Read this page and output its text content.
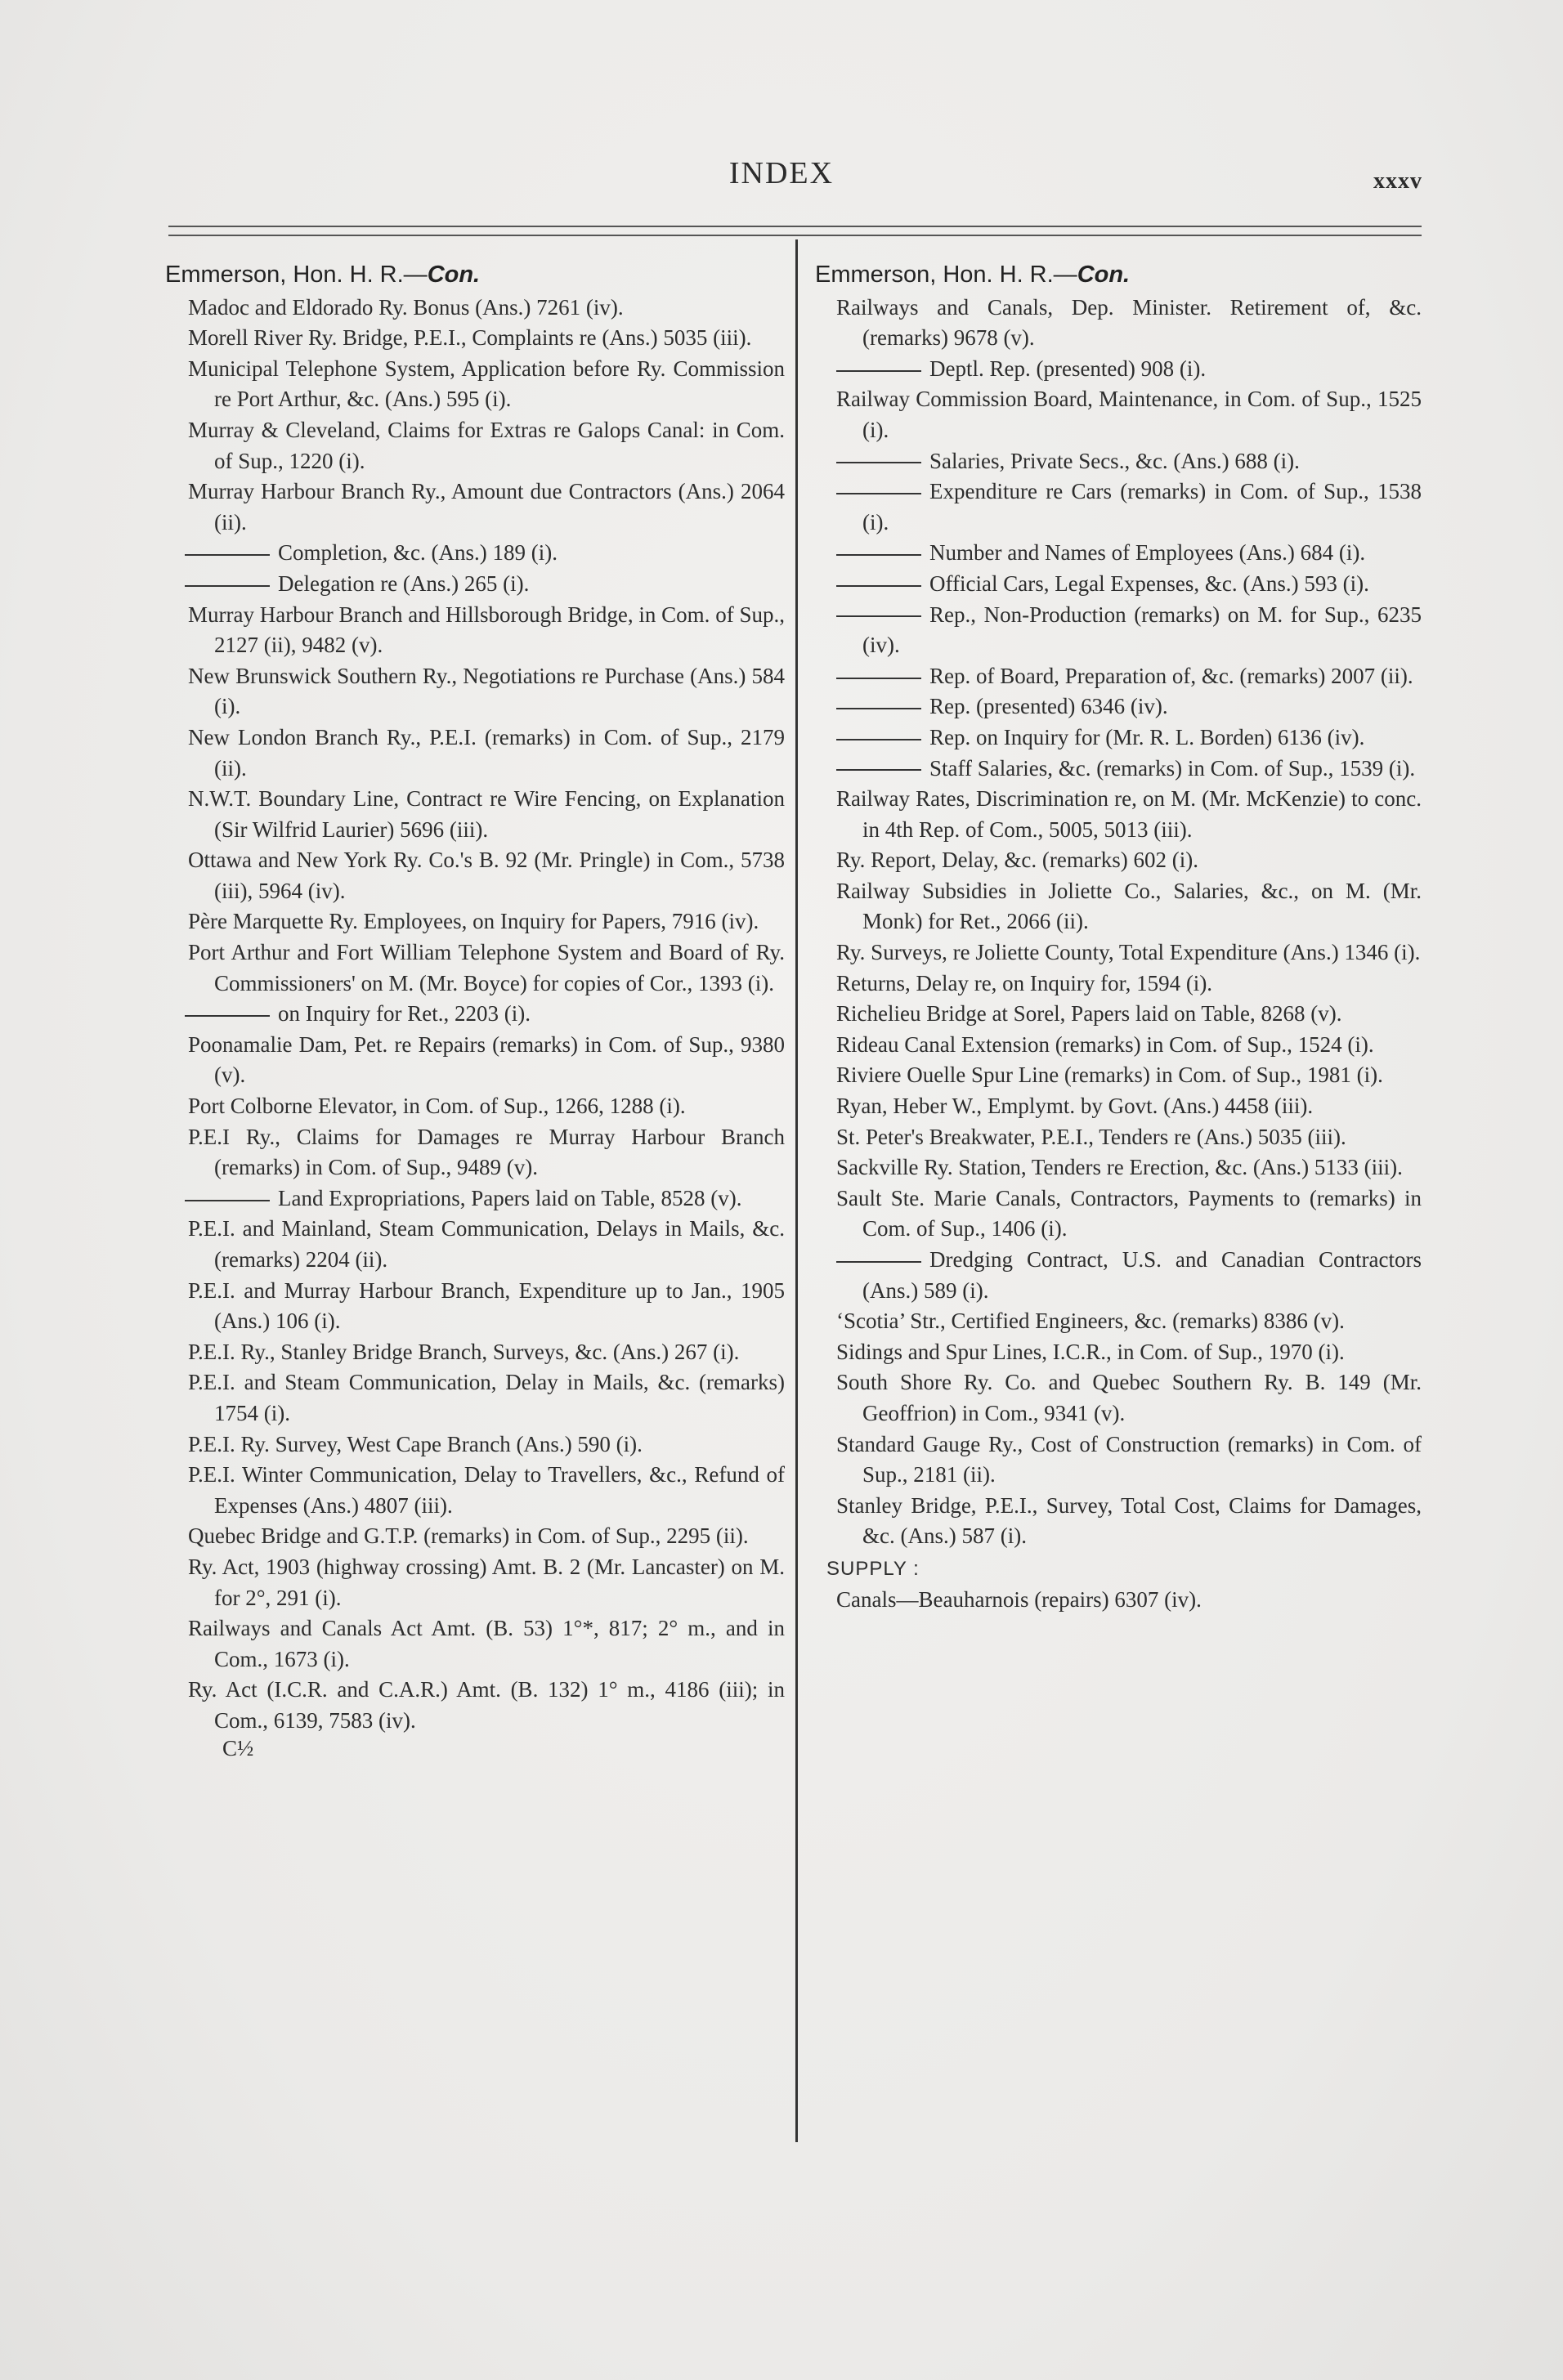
INDEX	xxxv
Emmerson, Hon. H. R.—Con.
Madoc and Eldorado Ry. Bonus (Ans.) 7261 (iv).
Morell River Ry. Bridge, P.E.I., Complaints re (Ans.) 5035 (iii).
Municipal Telephone System, Application before Ry. Commission re Port Arthur, &c. (Ans.) 595 (i).
Murray & Cleveland, Claims for Extras re Galops Canal: in Com. of Sup., 1220 (i).
Murray Harbour Branch Ry., Amount due Contractors (Ans.) 2064 (ii).
Completion, &c. (Ans.) 189 (i).
Delegation re (Ans.) 265 (i).
Murray Harbour Branch and Hillsborough Bridge, in Com. of Sup., 2127 (ii), 9482 (v).
New Brunswick Southern Ry., Negotiations re Purchase (Ans.) 584 (i).
New London Branch Ry., P.E.I. (remarks) in Com. of Sup., 2179 (ii).
N.W.T. Boundary Line, Contract re Wire Fencing, on Explanation (Sir Wilfrid Laurier) 5696 (iii).
Ottawa and New York Ry. Co.'s B. 92 (Mr. Pringle) in Com., 5738 (iii), 5964 (iv).
Père Marquette Ry. Employees, on Inquiry for Papers, 7916 (iv).
Port Arthur and Fort William Telephone System and Board of Ry. Commissioners' on M. (Mr. Boyce) for copies of Cor., 1393 (i).
on Inquiry for Ret., 2203 (i).
Poonamalie Dam, Pet. re Repairs (remarks) in Com. of Sup., 9380 (v).
Port Colborne Elevator, in Com. of Sup., 1266, 1288 (i).
P.E.I Ry., Claims for Damages re Murray Harbour Branch (remarks) in Com. of Sup., 9489 (v).
Land Expropriations, Papers laid on Table, 8528 (v).
P.E.I. and Mainland, Steam Communication, Delays in Mails, &c. (remarks) 2204 (ii).
P.E.I. and Murray Harbour Branch, Expenditure up to Jan., 1905 (Ans.) 106 (i).
P.E.I. Ry., Stanley Bridge Branch, Surveys, &c. (Ans.) 267 (i).
P.E.I. and Steam Communication, Delay in Mails, &c. (remarks) 1754 (i).
P.E.I. Ry. Survey, West Cape Branch (Ans.) 590 (i).
P.E.I. Winter Communication, Delay to Travellers, &c., Refund of Expenses (Ans.) 4807 (iii).
Quebec Bridge and G.T.P. (remarks) in Com. of Sup., 2295 (ii).
Ry. Act, 1903 (highway crossing) Amt. B. 2 (Mr. Lancaster) on M. for 2°, 291 (i).
Railways and Canals Act Amt. (B. 53) 1°*, 817; 2° m., and in Com., 1673 (i).
Ry. Act (I.C.R. and C.A.R.) Amt. (B. 132) 1° m., 4186 (iii); in Com., 6139, 7583 (iv).
C½
Emmerson, Hon. H. R.—Con.
Railways and Canals, Dep. Minister. Retirement of, &c. (remarks) 9678 (v).
Deptl. Rep. (presented) 908 (i).
Railway Commission Board, Maintenance, in Com. of Sup., 1525 (i).
Salaries, Private Secs., &c. (Ans.) 688 (i).
Expenditure re Cars (remarks) in Com. of Sup., 1538 (i).
Number and Names of Employees (Ans.) 684 (i).
Official Cars, Legal Expenses, &c. (Ans.) 593 (i).
Rep., Non-Production (remarks) on M. for Sup., 6235 (iv).
Rep. of Board, Preparation of, &c. (remarks) 2007 (ii).
Rep. (presented) 6346 (iv).
Rep. on Inquiry for (Mr. R. L. Borden) 6136 (iv).
Staff Salaries, &c. (remarks) in Com. of Sup., 1539 (i).
Railway Rates, Discrimination re, on M. (Mr. McKenzie) to conc. in 4th Rep. of Com., 5005, 5013 (iii).
Ry. Report, Delay, &c. (remarks) 602 (i).
Railway Subsidies in Joliette Co., Salaries, &c., on M. (Mr. Monk) for Ret., 2066 (ii).
Ry. Surveys, re Joliette County, Total Expenditure (Ans.) 1346 (i).
Returns, Delay re, on Inquiry for, 1594 (i).
Richelieu Bridge at Sorel, Papers laid on Table, 8268 (v).
Rideau Canal Extension (remarks) in Com. of Sup., 1524 (i).
Riviere Ouelle Spur Line (remarks) in Com. of Sup., 1981 (i).
Ryan, Heber W., Emplymt. by Govt. (Ans.) 4458 (iii).
St. Peter's Breakwater, P.E.I., Tenders re (Ans.) 5035 (iii).
Sackville Ry. Station, Tenders re Erection, &c. (Ans.) 5133 (iii).
Sault Ste. Marie Canals, Contractors, Payments to (remarks) in Com. of Sup., 1406 (i).
Dredging Contract, U.S. and Canadian Contractors (Ans.) 589 (i).
‘Scotia’ Str., Certified Engineers, &c. (remarks) 8386 (v).
Sidings and Spur Lines, I.C.R., in Com. of Sup., 1970 (i).
South Shore Ry. Co. and Quebec Southern Ry. B. 149 (Mr. Geoffrion) in Com., 9341 (v).
Standard Gauge Ry., Cost of Construction (remarks) in Com. of Sup., 2181 (ii).
Stanley Bridge, P.E.I., Survey, Total Cost, Claims for Damages, &c. (Ans.) 587 (i).
SUPPLY :
Canals—Beauharnois (repairs) 6307 (iv).
